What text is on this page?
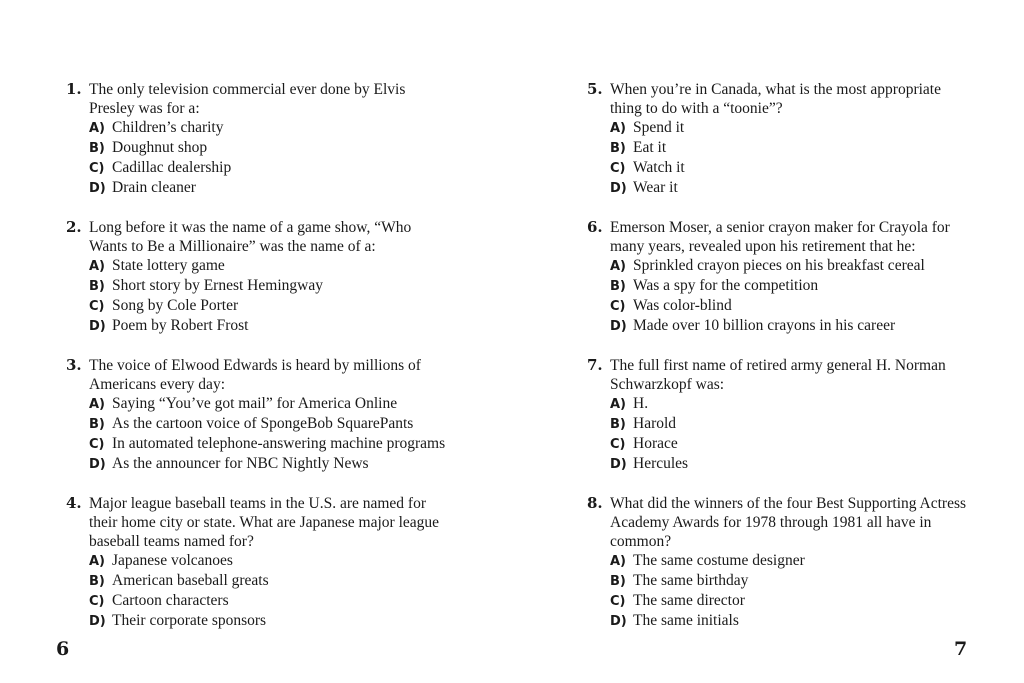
1. The only television commercial ever done by Elvis Presley was for a:
A) Children’s charity
B) Doughnut shop
C) Cadillac dealership
D) Drain cleaner
2. Long before it was the name of a game show, “Who Wants to Be a Millionaire” was the name of a:
A) State lottery game
B) Short story by Ernest Hemingway
C) Song by Cole Porter
D) Poem by Robert Frost
3. The voice of Elwood Edwards is heard by millions of Americans every day:
A) Saying “You’ve got mail” for America Online
B) As the cartoon voice of SpongeBob SquarePants
C) In automated telephone-answering machine programs
D) As the announcer for NBC Nightly News
4. Major league baseball teams in the U.S. are named for their home city or state. What are Japanese major league baseball teams named for?
A) Japanese volcanoes
B) American baseball greats
C) Cartoon characters
D) Their corporate sponsors
5. When you’re in Canada, what is the most appropriate thing to do with a “toonie”?
A) Spend it
B) Eat it
C) Watch it
D) Wear it
6. Emerson Moser, a senior crayon maker for Crayola for many years, revealed upon his retirement that he:
A) Sprinkled crayon pieces on his breakfast cereal
B) Was a spy for the competition
C) Was color-blind
D) Made over 10 billion crayons in his career
7. The full first name of retired army general H. Norman Schwarzkopf was:
A) H.
B) Harold
C) Horace
D) Hercules
8. What did the winners of the four Best Supporting Actress Academy Awards for 1978 through 1981 all have in common?
A) The same costume designer
B) The same birthday
C) The same director
D) The same initials
6	7
